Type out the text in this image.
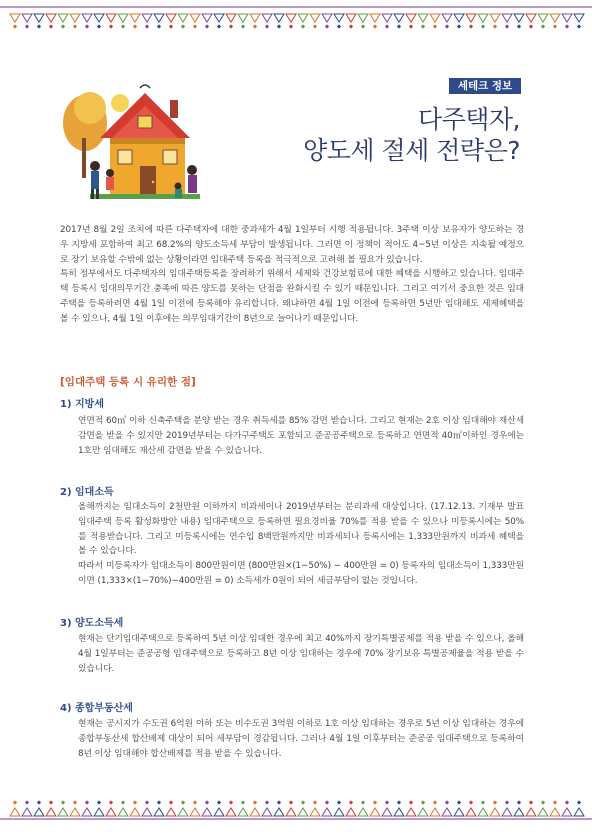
세테크 정보 02
다주택자,
양도세 절세 전략은?

2017년 8월 2일 조치에 따른 다주택자에 대한 중과세가 4월 1일부터 시행 적용됩니다. 3주택 이상 보유자가 양도하는 경우 지방세 포함하여 최고 68.2%의 양도소득세 부담이 발생됩니다. 그러면 이 정책이 적어도 4~5년 이상은 지속될 예정으로 장기 보유할 수밖에 없는 상황이라면 임대주택 등록을 적극적으로 고려해 볼 필요가 있습니다.

특히 정부에서도 다주택자의 임대주택등록을 장려하기 위해서 세제와 건강보험료에 대한 혜택을 시행하고 있습니다. 임대주택 등록시 임대의무기간 충족에 따른 양도를 못하는 단점을 완화시킬 수 있기 때문입니다. 그리고 여기서 중요한 것은 임대주택을 등록하려면 4월 1일 이전에 등록해야 유리합니다. 왜냐하면 4월 1일 이전에 등록하면 5년만 임대해도 세제혜택을 볼 수 있으나, 4월 1일 이후에는 의무임대기간이 8년으로 늘어나기 때문입니다.

[임대주택 등록 시 유리한 점]
1) 지방세

연면적 60㎡ 이하 신축주택을 분양 받는 경우 취득세를 85% 감면 받습니다. 그리고 현재는 2호 이상 임대해야 재산세 감면을 받을 수 있지만 2019년부터는 다가구주택도 포함되고 준공공주택으로 등록하고 연면적 40㎡이하인 경우에는 1호만 임대해도 재산세 감면을 받을 수 있습니다.

2) 임대소득

올해까지는 임대소득이 2천만원 이하까지 비과세이나 2019년부터는 분리과세 대상입니다. (17.12.13. 기재부 발표 임대주택 등록 활성화방안 내용) 임대주택으로 등록하면 필요경비율 70%를 적용 받을 수 있으나 미등록시에는 50%를 적용받습니다. 그리고 미등록시에는 연수입 8백만원까지만 비과세되나 등록시에는 1,333만원까지 비과세 혜택을 볼 수 있습니다.

따라서 미등록자가 임대소득이 800만원이면 (800만원×(1−50%) − 400만원 = 0) 등록자의 임대소득이 1,333만원이면 (1,333×(1−70%)−400만원 = 0) 소득세가 0원이 되어 세금부담이 없는 것입니다.

3) 양도소득세

현재는 단기임대주택으로 등록하여 5년 이상 임대한 경우에 최고 40%까지 장기특별공제를 적용 받을 수 있으나, 올해 4월 1일부터는 준공공형 임대주택으로 등록하고 8년 이상 임대하는 경우에 70% 장기보유 특별공제율을 적용 받을 수 있습니다.

4) 종합부동산세

현재는 공시지가 수도권 6억원 이하 또는 비수도권 3억원 이하로 1호 이상 임대하는 경우로 5년 이상 임대하는 경우에 종합부동산세 합산배제 대상이 되어 세부담이 경감됩니다. 그러나 4월 1일 이후부터는 준공공 임대주택으로 등록하여 8년 이상 임대해야 합산배제를 적용 받을 수 있습니다.
